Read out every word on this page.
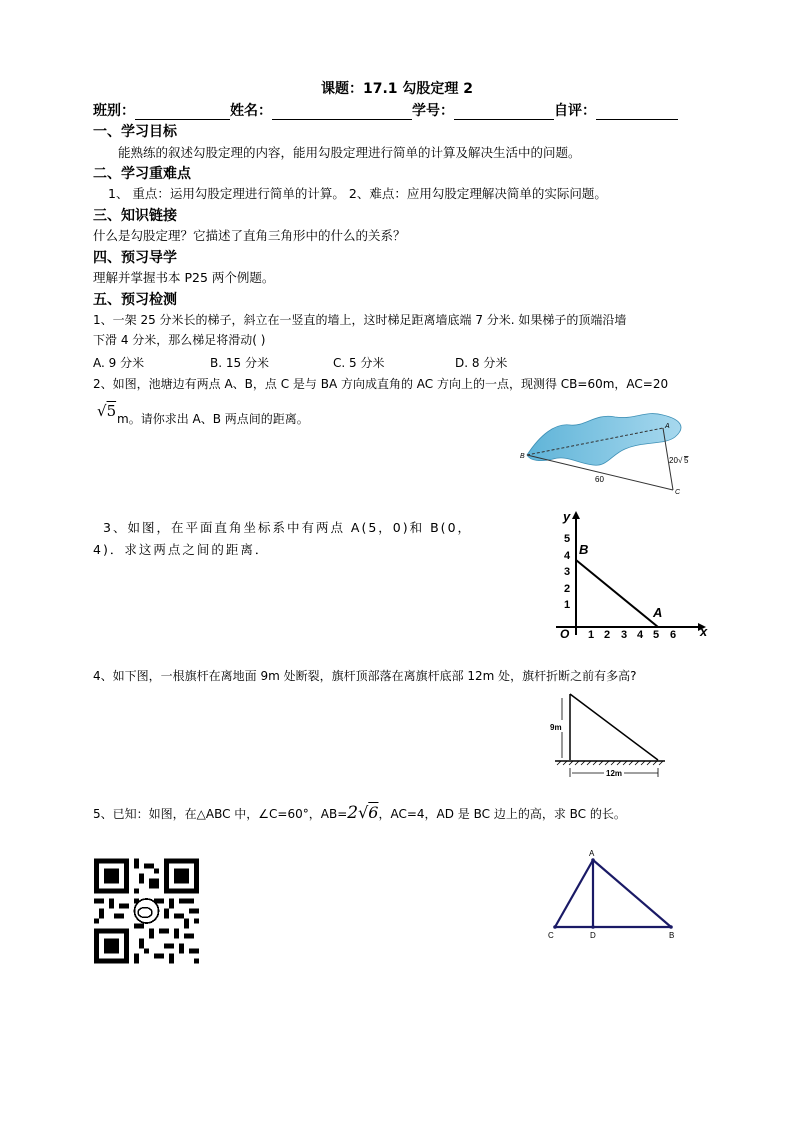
课题：17.1 勾股定理 2
班别：	姓名：	学号：	自评：
一、学习目标
能熟练的叙述勾股定理的内容，能用勾股定理进行简单的计算及解决生活中的问题。
二、学习重难点
1、 重点：运用勾股定理进行简单的计算。 2、难点：应用勾股定理解决简单的实际问题。
三、知识链接
什么是勾股定理？它描述了直角三角形中的什么的关系？
四、预习导学
理解并掌握书本 P25 两个例题。
五、预习检测
1、一架 25 分米长的梯子，斜立在一竖直的墙上，这时梯足距离墙底端 7 分米. 如果梯子的顶端沿墙
下滑 4 分米，那么梯足将滑动( )
A. 9 分米	B. 15 分米	C. 5 分米	D. 8 分米
2、如图，池塘边有两点 A、B，点 C 是与 BA 方向成直角的 AC 方向上的一点，现测得 CB=60m，AC=20
√5 m。请你求出 A、B 两点间的距离。
B
A
C
60
20 √ 5
3、如图，在平面直角坐标系中有两点 A(5，0)和 B(0，
4)．求这两点之间的距离．
x
y
O 1 2 3 4 5 6
1
2
3
4
5
B
A
4、如下图，一根旗杆在离地面 9m 处断裂，旗杆顶部落在离旗杆底部 12m 处，旗杆折断之前有多高?
9m
12m
5、已知：如图，在△ABC 中，∠C=60°，AB=2√6，AC=4，AD 是 BC 边上的高，求 BC 的长。
A
C	D	B
